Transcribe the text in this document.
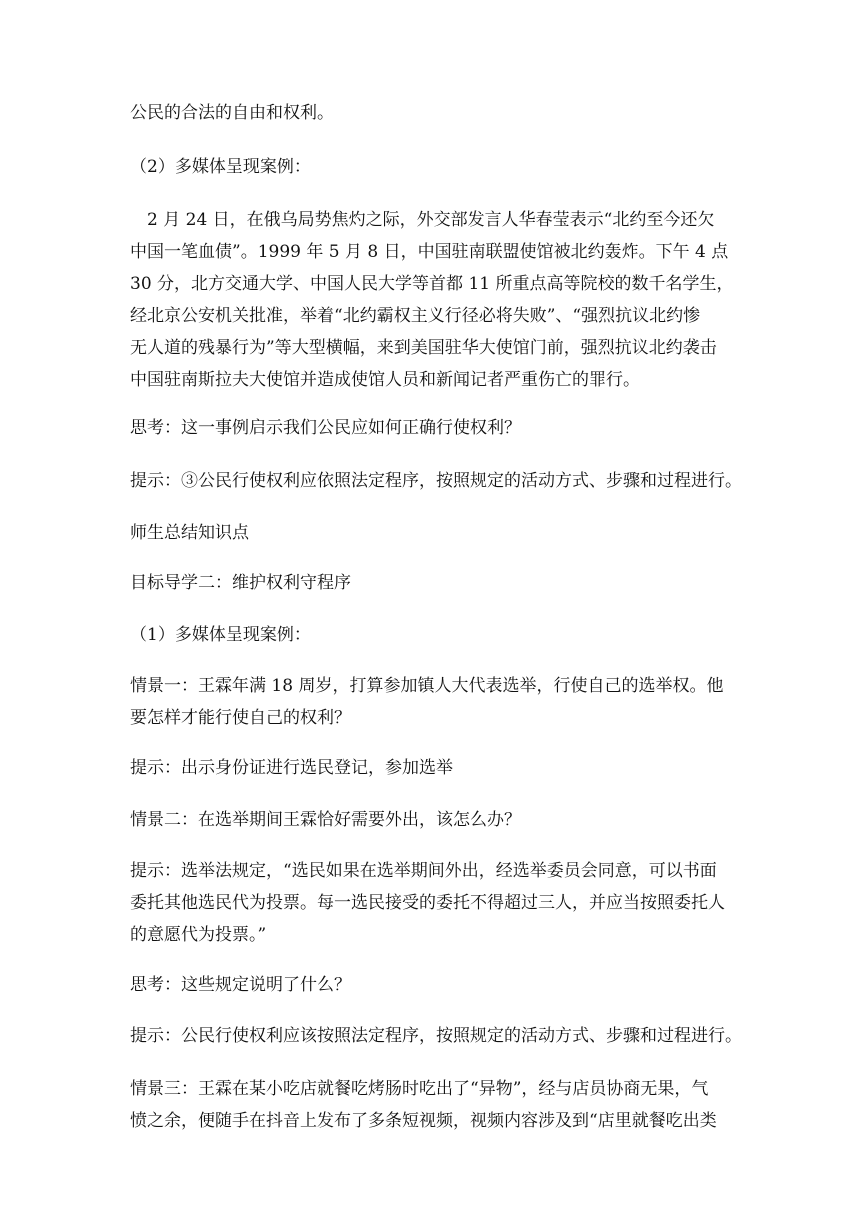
公民的合法的自由和权利。

（2）多媒体呈现案例：

　2 月 24 日，在俄乌局势焦灼之际，外交部发言人华春莹表示“北约至今还欠
中国一笔血债”。1999 年 5 月 8 日，中国驻南联盟使馆被北约轰炸。下午 4 点
30 分，北方交通大学、中国人民大学等首都 11 所重点高等院校的数千名学生，
经北京公安机关批准，举着“北约霸权主义行径必将失败”、“强烈抗议北约惨
无人道的残暴行为”等大型横幅，来到美国驻华大使馆门前，强烈抗议北约袭击
中国驻南斯拉夫大使馆并造成使馆人员和新闻记者严重伤亡的罪行。

思考：这一事例启示我们公民应如何正确行使权利？

提示：③公民行使权利应依照法定程序，按照规定的活动方式、步骤和过程进行。

师生总结知识点

目标导学二：维护权利守程序

（1）多媒体呈现案例：

情景一：王霖年满 18 周岁，打算参加镇人大代表选举，行使自己的选举权。他
要怎样才能行使自己的权利？

提示：出示身份证进行选民登记，参加选举

情景二：在选举期间王霖恰好需要外出，该怎么办？

提示：选举法规定，“选民如果在选举期间外出，经选举委员会同意，可以书面
委托其他选民代为投票。每一选民接受的委托不得超过三人，并应当按照委托人
的意愿代为投票。”

思考：这些规定说明了什么？

提示：公民行使权利应该按照法定程序，按照规定的活动方式、步骤和过程进行。

情景三：王霖在某小吃店就餐吃烤肠时吃出了“异物”，经与店员协商无果，气
愤之余，便随手在抖音上发布了多条短视频，视频内容涉及到“店里就餐吃出类
